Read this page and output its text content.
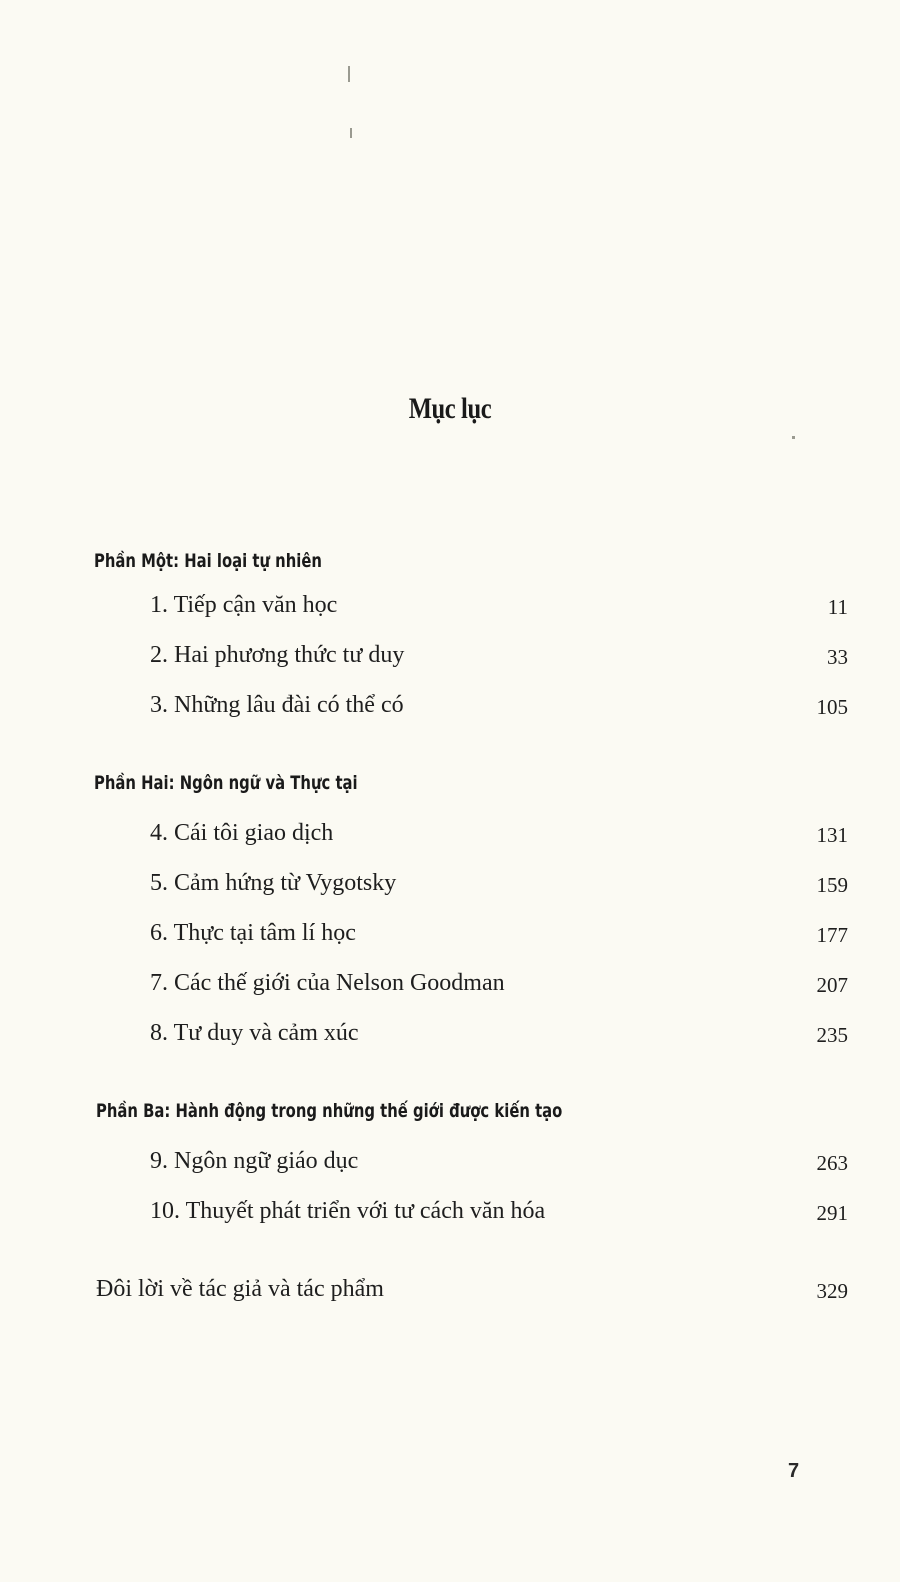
Mục lục
Phần Một: Hai loại tự nhiên
1. Tiếp cận văn học	11
2. Hai phương thức tư duy	33
3. Những lâu đài có thể có	105
Phần Hai: Ngôn ngữ và Thực tại
4. Cái tôi giao dịch	131
5. Cảm hứng từ Vygotsky	159
6. Thực tại tâm lí học	177
7. Các thế giới của Nelson Goodman	207
8. Tư duy và cảm xúc	235
Phần Ba: Hành động trong những thế giới được kiến tạo
9. Ngôn ngữ giáo dục	263
10. Thuyết phát triển với tư cách văn hóa	291
Đôi lời về tác giả và tác phẩm	329
7
